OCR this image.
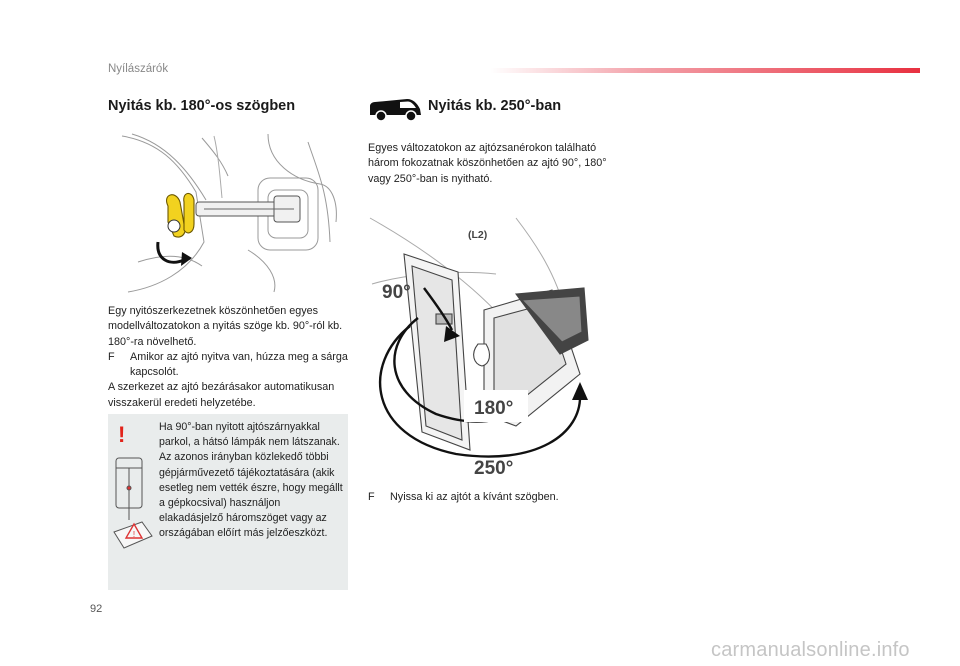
Nyílászárók
Nyitás kb. 180°-os szögben
Egy nyitószerkezetnek köszönhetően egyes modellváltozatokon a nyitás szöge kb. 90°-ról kb. 180°-ra növelhető.
F	Amikor az ajtó nyitva van, húzza meg a sárga kapcsolót.
A szerkezet az ajtó bezárásakor automatikusan visszakerül eredeti helyzetébe.
!
!
Ha 90°-ban nyitott ajtószárnyakkal parkol, a hátsó lámpák nem látszanak. Az azonos irányban közlekedő többi gépjárművezető tájékoztatására (akik esetleg nem vették észre, hogy megállt a gépkocsival) használjon elakadásjelző háromszöget vagy az országában előírt más jelzőeszközt.
Nyitás kb. 250°-ban
Egyes változatokon az ajtózsanérokon található három fokozatnak köszönhetően az ajtó 90°, 180° vagy 250°-ban is nyitható.
(L2)
90°
180°
250°
F	Nyissa ki az ajtót a kívánt szögben.
92
carmanualsonline.info
